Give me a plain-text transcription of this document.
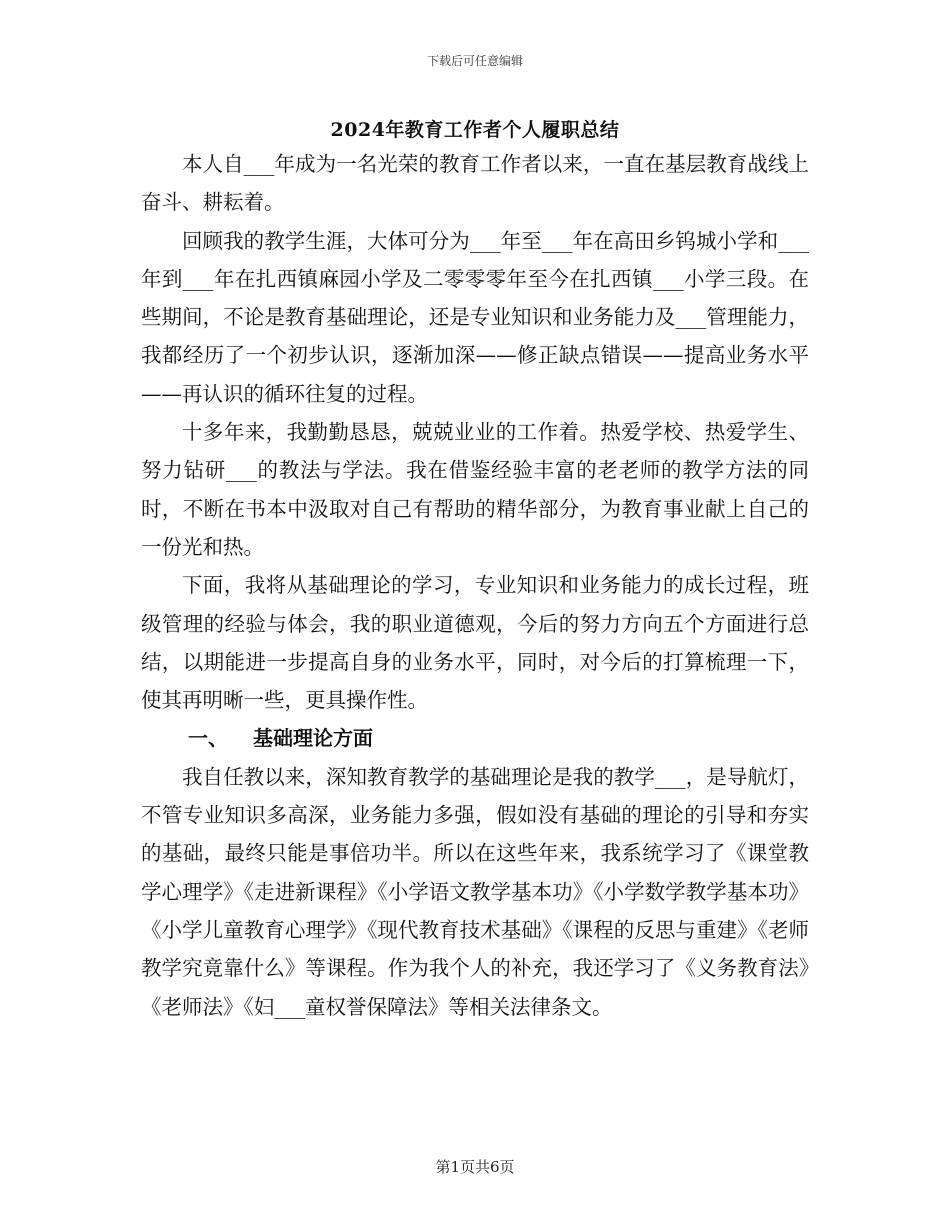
下载后可任意编辑
2024年教育工作者个人履职总结

本人自___年成为一名光荣的教育工作者以来，一直在基层教育战线上奋斗、耕耘着。

回顾我的教学生涯，大体可分为___年至___年在高田乡钨城小学和___年到___年在扎西镇麻园小学及二零零零年至今在扎西镇___小学三段。在些期间，不论是教育基础理论，还是专业知识和业务能力及___管理能力，我都经历了一个初步认识，逐渐加深——修正缺点错误——提高业务水平——再认识的循环往复的过程。

十多年来，我勤勤恳恳，兢兢业业的工作着。热爱学校、热爱学生、努力钻研___的教法与学法。我在借鉴经验丰富的老老师的教学方法的同时，不断在书本中汲取对自己有帮助的精华部分，为教育事业献上自己的一份光和热。

下面，我将从基础理论的学习，专业知识和业务能力的成长过程，班级管理的经验与体会，我的职业道德观，今后的努力方向五个方面进行总结，以期能进一步提高自身的业务水平，同时，对今后的打算梳理一下，使其再明晰一些，更具操作性。

一、 基础理论方面

我自任教以来，深知教育教学的基础理论是我的教学___，是导航灯，不管专业知识多高深，业务能力多强，假如没有基础的理论的引导和夯实的基础，最终只能是事倍功半。所以在这些年来，我系统学习了《课堂教学心理学》《走进新课程》《小学语文教学基本功》《小学数学教学基本功》《小学儿童教育心理学》《现代教育技术基础》《课程的反思与重建》《老师教学究竟靠什么》等课程。作为我个人的补充，我还学习了《义务教育法》《老师法》《妇___童权誉保障法》等相关法律条文。

第1页共6页
